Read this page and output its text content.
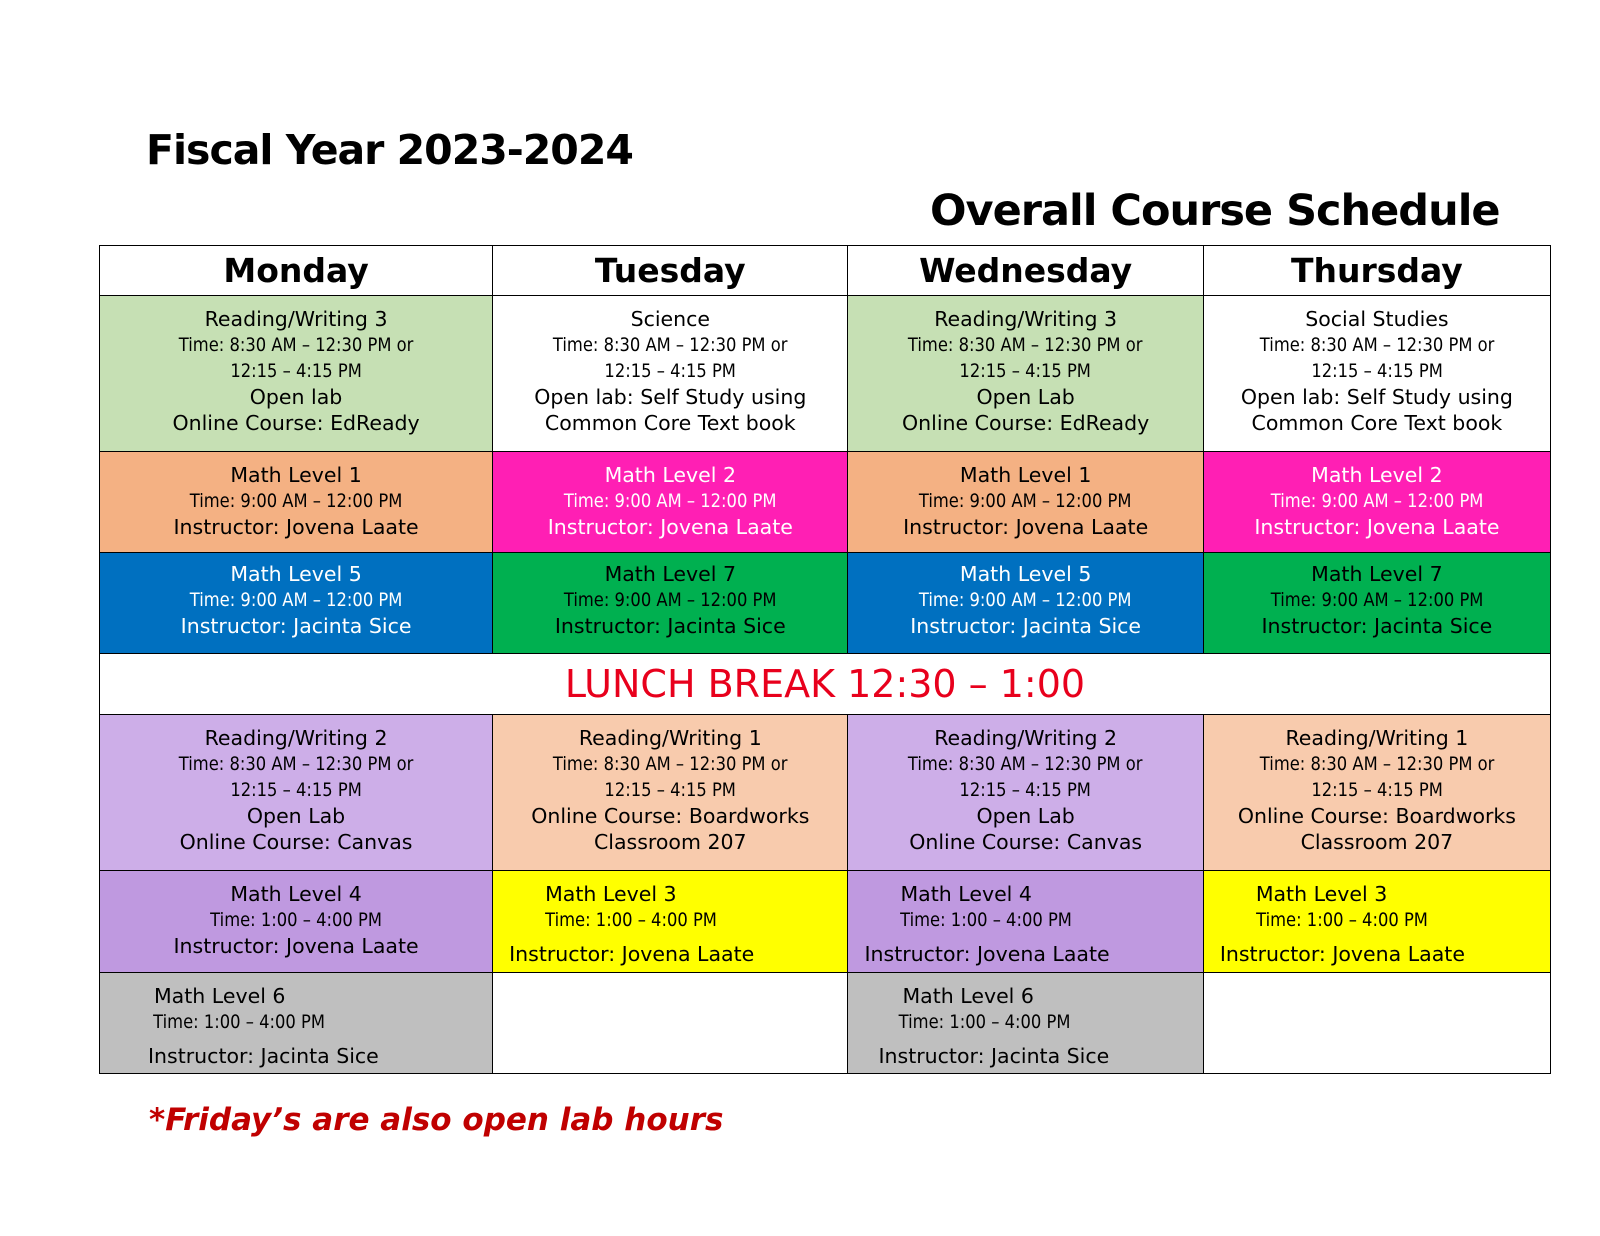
Fiscal Year 2023-2024
Overall Course Schedule
Monday	Tuesday	Wednesday	Thursday

Reading/Writing 3
Time: 8:30 AM – 12:30 PM or
12:15 – 4:15 PM
Open lab
Online Course: EdReady	Science
Time: 8:30 AM – 12:30 PM or
12:15 – 4:15 PM
Open lab: Self Study using
Common Core Text book	Reading/Writing 3
Time: 8:30 AM – 12:30 PM or
12:15 – 4:15 PM
Open Lab
Online Course: EdReady	Social Studies
Time: 8:30 AM – 12:30 PM or
12:15 – 4:15 PM
Open lab: Self Study using
Common Core Text book

Math Level 1
Time: 9:00 AM – 12:00 PM
Instructor: Jovena Laate	Math Level 2
Time: 9:00 AM – 12:00 PM
Instructor: Jovena Laate	Math Level 1
Time: 9:00 AM – 12:00 PM
Instructor: Jovena Laate	Math Level 2
Time: 9:00 AM – 12:00 PM
Instructor: Jovena Laate

Math Level 5
Time: 9:00 AM – 12:00 PM
Instructor: Jacinta Sice	Math Level 7
Time: 9:00 AM – 12:00 PM
Instructor: Jacinta Sice	Math Level 5
Time: 9:00 AM – 12:00 PM
Instructor: Jacinta Sice	Math Level 7
Time: 9:00 AM – 12:00 PM
Instructor: Jacinta Sice

LUNCH BREAK 12:30 – 1:00			

Reading/Writing 2
Time: 8:30 AM – 12:30 PM or
12:15 – 4:15 PM
Open Lab
Online Course: Canvas	Reading/Writing 1
Time: 8:30 AM – 12:30 PM or
12:15 – 4:15 PM
Online Course: Boardworks
Classroom 207	Reading/Writing 2
Time: 8:30 AM – 12:30 PM or
12:15 – 4:15 PM
Open Lab
Online Course: Canvas	Reading/Writing 1
Time: 8:30 AM – 12:30 PM or
12:15 – 4:15 PM
Online Course: Boardworks
Classroom 207

Math Level 4
Time: 1:00 – 4:00 PM
Instructor: Jovena Laate	Math Level 3
Time: 1:00 – 4:00 PM
Instructor: Jovena Laate	Math Level 4
Time: 1:00 – 4:00 PM
Instructor: Jovena Laate	Math Level 3
Time: 1:00 – 4:00 PM
Instructor: Jovena Laate

Math Level 6
Time: 1:00 – 4:00 PM
Instructor: Jacinta Sice		Math Level 6
Time: 1:00 – 4:00 PM
Instructor: Jacinta Sice	

*Friday’s are also open lab hours
